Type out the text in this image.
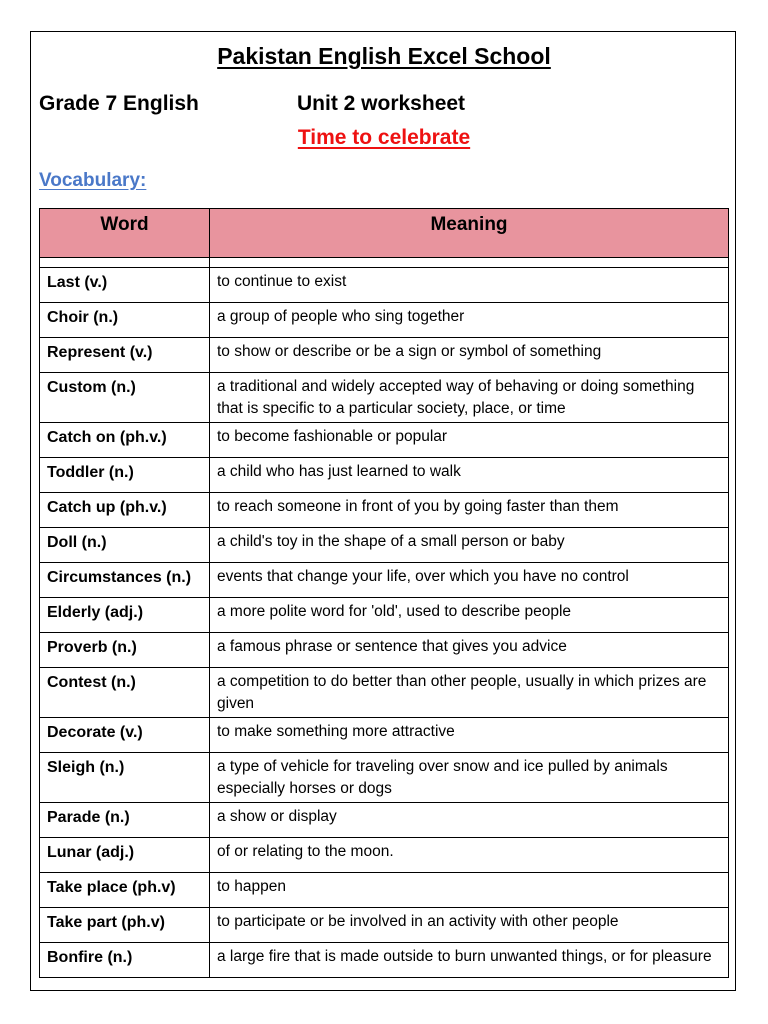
Pakistan English Excel School
Grade 7 English	Unit 2 worksheet
Time to celebrate
Vocabulary:
Word	Meaning

Last (v.)	to continue to exist
Choir (n.)	a group of people who sing together
Represent (v.)	to show or describe or be a sign or symbol of something
Custom (n.)	a traditional and widely accepted way of behaving or doing something that is specific to a particular society, place, or time
Catch on (ph.v.)	to become fashionable or popular
Toddler (n.)	a child who has just learned to walk
Catch up (ph.v.)	to reach someone in front of you by going faster than them
Doll (n.)	a child's toy in the shape of a small person or baby
Circumstances (n.)	events that change your life, over which you have no control
Elderly (adj.)	a more polite word for 'old', used to describe people
Proverb (n.)	a famous phrase or sentence that gives you advice
Contest (n.)	a competition to do better than other people, usually in which prizes are given
Decorate (v.)	to make something more attractive
Sleigh (n.)	a type of vehicle for traveling over snow and ice pulled by animals especially horses or dogs
Parade (n.)	a show or display
Lunar (adj.)	of or relating to the moon.
Take place (ph.v)	to happen
Take part (ph.v)	to participate or be involved in an activity with other people
Bonfire (n.)	a large fire that is made outside to burn unwanted things, or for pleasure
